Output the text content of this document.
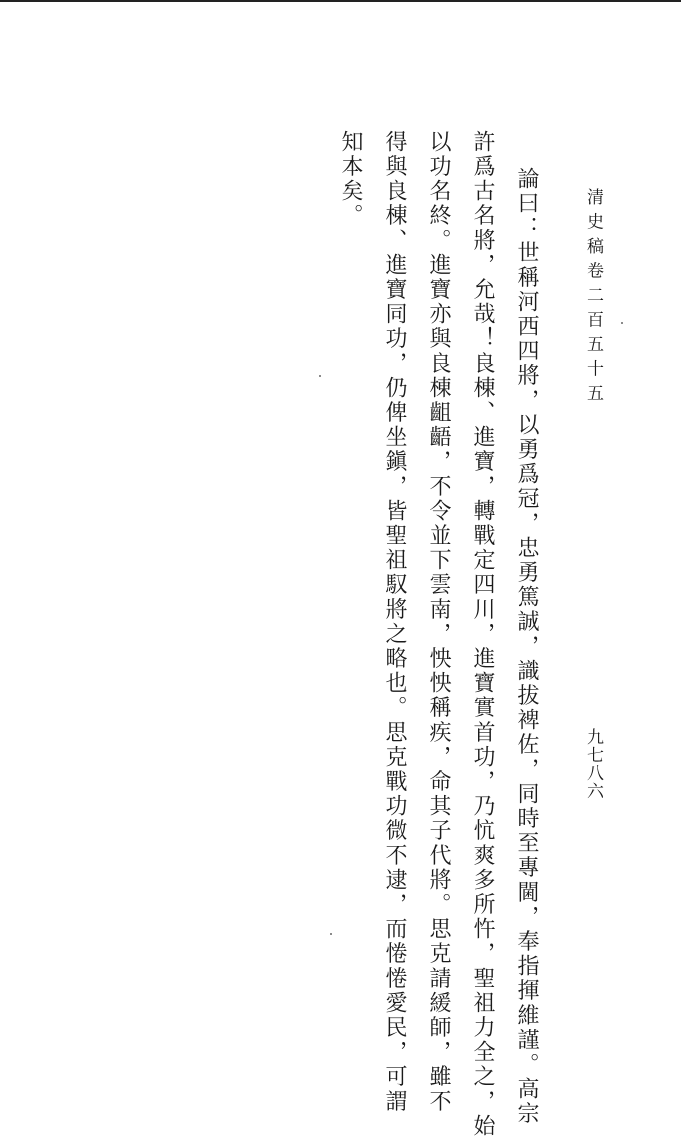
清史稿卷二百五十五
九七八六
論曰：世稱河西四將，以勇爲冠，忠勇篤誠，識拔裨佐，同時至專閫，奉指揮維謹。高宗
許爲古名將，允哉！良棟、進寶，轉戰定四川，進寶實首功，乃忼爽多所忤，聖祖力全之，始
以功名終。進寶亦與良棟齟齬，不令並下雲南，怏怏稱疾，命其子代將。思克請緩師，雖不
得與良棟、進寶同功，仍俾坐鎭，皆聖祖馭將之略也。思克戰功微不逮，而惓惓愛民，可謂
知本矣。
